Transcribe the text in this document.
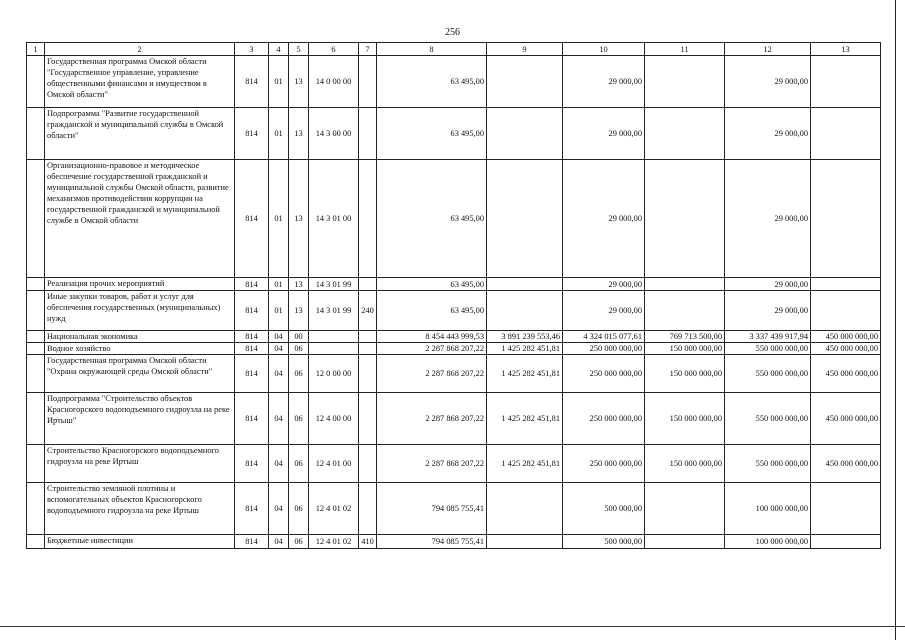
256
1	2	3	4	5	6	7	8	9	10	11	12	13
	Государственная программа Омской области "Государственное управление, управление общественными финансами и имуществом в Омской области"	814	01	13	14 0 00 00		63 495,00		29 000,00		29 000,00	
	Подпрограмма "Развитие государственной гражданской и муниципальной службы в Омской области"	814	01	13	14 3 00 00		63 495,00		29 000,00		29 000,00	
	Организационно-правовое и методическое обеспечение государственной гражданской и муниципальной службы Омской области, развитие механизмов противодействия коррупции на государственной гражданской и муниципальной службе в Омской области	814	01	13	14 3 01 00		63 495,00		29 000,00		29 000,00	
	Реализация прочих мероприятий	814	01	13	14 3 01 99		63 495,00		29 000,00		29 000,00	
	Иные закупки товаров, работ и услуг для обеспечения государственных (муниципальных) нужд	814	01	13	14 3 01 99	240	63 495,00		29 000,00		29 000,00	
	Национальная экономика	814	04	00			8 454 443 999,53	3 891 239 553,46	4 324 015 077,61	769 713 500,00	3 337 439 917,94	450 000 000,00
	Водное хозяйство	814	04	06			2 287 868 207,22	1 425 282 451,81	250 000 000,00	150 000 000,00	550 000 000,00	450 000 000,00
	Государственная программа Омской области "Охрана окружающей среды Омской области"	814	04	06	12 0 00 00		2 287 868 207,22	1 425 282 451,81	250 000 000,00	150 000 000,00	550 000 000,00	450 000 000,00
	Подпрограмма "Строительство объектов Красногорского водоподъемного гидроузла на реке Иртыш"	814	04	06	12 4 00 00		2 287 868 207,22	1 425 282 451,81	250 000 000,00	150 000 000,00	550 000 000,00	450 000 000,00
	Строительство Красногорского водоподъемного гидроузла на реке Иртыш	814	04	06	12 4 01 00		2 287 868 207,22	1 425 282 451,81	250 000 000,00	150 000 000,00	550 000 000,00	450 000 000,00
	Строительство земляной плотины и вспомогательных объектов Красногорского водоподъемного гидроузла на реке Иртыш	814	04	06	12 4 01 02		794 085 755,41		500 000,00		100 000 000,00	
	Бюджетные инвестиции	814	04	06	12 4 01 02	410	794 085 755,41		500 000,00		100 000 000,00	
